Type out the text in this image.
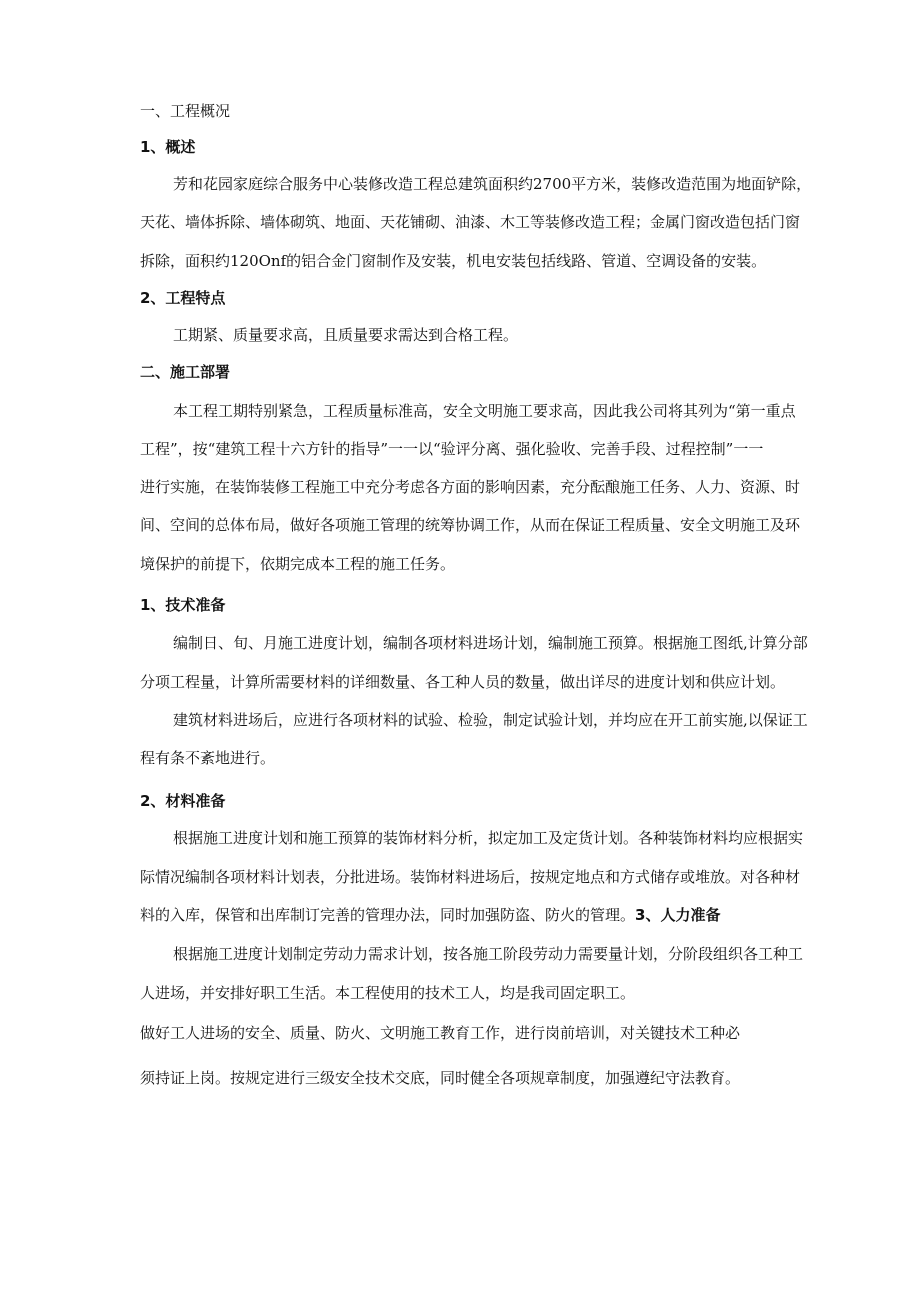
一、工程概况
1、概述
芳和花园家庭综合服务中心装修改造工程总建筑面积约2700平方米，装修改造范围为地面铲除，
天花、墙体拆除、墙体砌筑、地面、天花铺砌、油漆、木工等装修改造工程；金属门窗改造包括门窗
拆除，面积约120Onf的铝合金门窗制作及安装，机电安装包括线路、管道、空调设备的安装。
2、工程特点
工期紧、质量要求高，且质量要求需达到合格工程。
二、施工部署
本工程工期特别紧急，工程质量标准高，安全文明施工要求高，因此我公司将其列为“第一重点
工程”，按“建筑工程十六方针的指导”一一以“验评分离、强化验收、完善手段、过程控制”一一
进行实施，在装饰装修工程施工中充分考虑各方面的影响因素，充分酝酿施工任务、人力、资源、时
间、空间的总体布局，做好各项施工管理的统筹协调工作，从而在保证工程质量、安全文明施工及环
境保护的前提下，依期完成本工程的施工任务。
1、技术准备
编制日、旬、月施工进度计划，编制各项材料进场计划，编制施工预算。根据施工图纸,计算分部
分项工程量，计算所需要材料的详细数量、各工种人员的数量，做出详尽的进度计划和供应计划。
建筑材料进场后，应进行各项材料的试验、检验，制定试验计划，并均应在开工前实施,以保证工
程有条不紊地进行。
2、材料准备
根据施工进度计划和施工预算的装饰材料分析，拟定加工及定货计划。各种装饰材料均应根据实
际情况编制各项材料计划表，分批进场。装饰材料进场后，按规定地点和方式储存或堆放。对各种材
料的入库，保管和出库制订完善的管理办法，同时加强防盗、防火的管理。3、人力准备
根据施工进度计划制定劳动力需求计划，按各施工阶段劳动力需要量计划，分阶段组织各工种工
人进场，并安排好职工生活。本工程使用的技术工人，均是我司固定职工。
做好工人进场的安全、质量、防火、文明施工教育工作，进行岗前培训，对关键技术工种必
须持证上岗。按规定进行三级安全技术交底，同时健全各项规章制度，加强遵纪守法教育。
